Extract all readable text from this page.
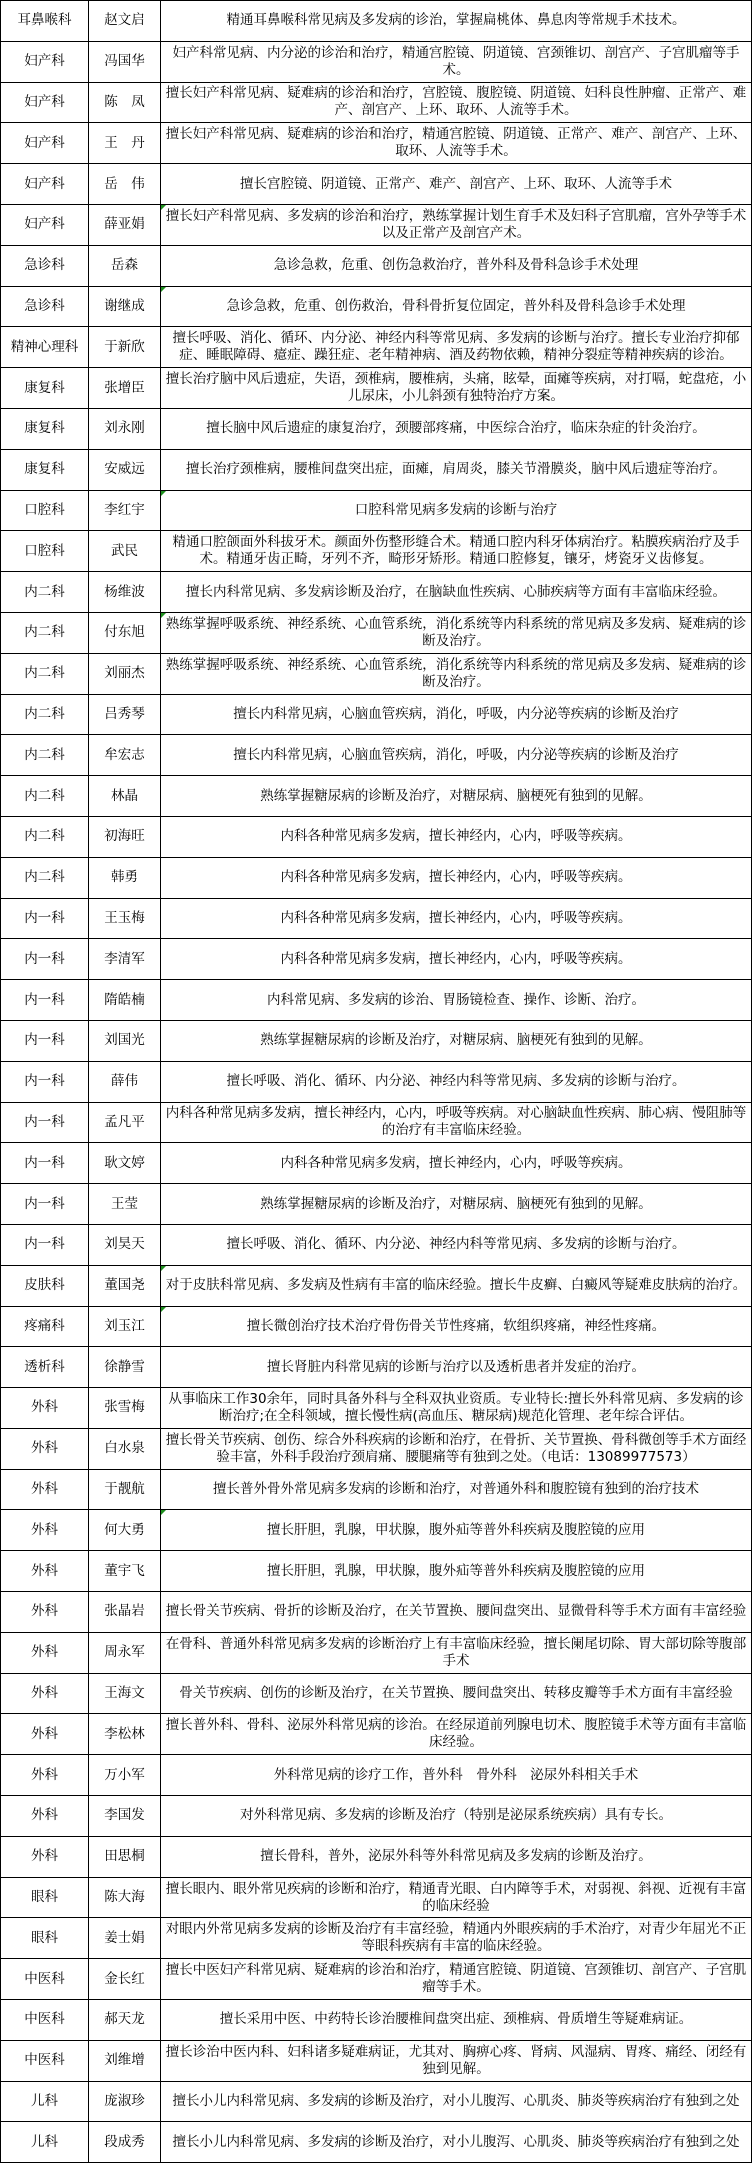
耳鼻喉科	赵文启	精通耳鼻喉科常见病及多发病的诊治，掌握扁桃体、鼻息肉等常规手术技术。

妇产科	冯国华	妇产科常见病、内分泌的诊治和治疗，精通宫腔镜、阴道镜、宫颈锥切、剖宫产、子宫肌瘤等手术。

妇产科	陈　凤	擅长妇产科常见病、疑难病的诊治和治疗，宫腔镜、腹腔镜、阴道镜、妇科良性肿瘤、正常产、难产、剖宫产、上环、取环、人流等手术。

妇产科	王　丹	擅长妇产科常见病、疑难病的诊治和治疗，精通宫腔镜、阴道镜、正常产、难产、剖宫产、上环、取环、人流等手术。

妇产科	岳　伟	擅长宫腔镜、阴道镜、正常产、难产、剖宫产、上环、取环、人流等手术

妇产科	薛亚娟	擅长妇产科常见病、多发病的诊治和治疗，熟练掌握计划生育手术及妇科子宫肌瘤，宫外孕等手术以及正常产及剖宫产术。

急诊科	岳森	急诊急救，危重、创伤急救治疗，普外科及骨科急诊手术处理

急诊科	谢继成	急诊急救，危重、创伤救治，骨科骨折复位固定，普外科及骨科急诊手术处理

精神心理科	于新欣	擅长呼吸、消化、循环、内分泌、神经内科等常见病、多发病的诊断与治疗。擅长专业治疗抑郁症、睡眠障碍、癔症、躁狂症、老年精神病、酒及药物依赖，精神分裂症等精神疾病的诊治。

康复科	张增臣	擅长治疗脑中风后遗症，失语，颈椎病，腰椎病，头痛，眩晕，面瘫等疾病，对打嗝，蛇盘疮，小儿尿床，小儿斜颈有独特治疗方案。

康复科	刘永刚	擅长脑中风后遗症的康复治疗，颈腰部疼痛，中医综合治疗，临床杂症的针灸治疗。

康复科	安威远	擅长治疗颈椎病，腰椎间盘突出症，面瘫，肩周炎，膝关节滑膜炎，脑中风后遗症等治疗。

口腔科	李红宇	口腔科常见病多发病的诊断与治疗

口腔科	武民	精通口腔颌面外科拔牙术。颜面外伤整形缝合术。精通口腔内科牙体病治疗。粘膜疾病治疗及手术。精通牙齿正畸，牙列不齐，畸形牙矫形。精通口腔修复，镶牙，烤瓷牙义齿修复。

内二科	杨维波	擅长内科常见病、多发病诊断及治疗，在脑缺血性疾病、心肺疾病等方面有丰富临床经验。

内二科	付东旭	熟练掌握呼吸系统、神经系统、心血管系统，消化系统等内科系统的常见病及多发病、疑难病的诊断及治疗。

内二科	刘丽杰	熟练掌握呼吸系统、神经系统、心血管系统，消化系统等内科系统的常见病及多发病、疑难病的诊断及治疗。

内二科	吕秀琴	擅长内科常见病，心脑血管疾病，消化，呼吸，内分泌等疾病的诊断及治疗

内二科	牟宏志	擅长内科常见病，心脑血管疾病，消化，呼吸，内分泌等疾病的诊断及治疗

内二科	林晶	熟练掌握糖尿病的诊断及治疗，对糖尿病、脑梗死有独到的见解。

内二科	初海旺	内科各种常见病多发病，擅长神经内，心内，呼吸等疾病。

内二科	韩勇	内科各种常见病多发病，擅长神经内，心内，呼吸等疾病。

内一科	王玉梅	内科各种常见病多发病，擅长神经内，心内，呼吸等疾病。

内一科	李清军	内科各种常见病多发病，擅长神经内，心内，呼吸等疾病。

内一科	隋皓楠	内科常见病、多发病的诊治、胃肠镜检查、操作、诊断、治疗。

内一科	刘国光	熟练掌握糖尿病的诊断及治疗，对糖尿病、脑梗死有独到的见解。

内一科	薛伟	擅长呼吸、消化、循环、内分泌、神经内科等常见病、多发病的诊断与治疗。

内一科	孟凡平	内科各种常见病多发病，擅长神经内，心内，呼吸等疾病。对心脑缺血性疾病、肺心病、慢阻肺等的治疗有丰富临床经验。

内一科	耿文婷	内科各种常见病多发病，擅长神经内，心内，呼吸等疾病。

内一科	王莹	熟练掌握糖尿病的诊断及治疗，对糖尿病、脑梗死有独到的见解。

内一科	刘昊天	擅长呼吸、消化、循环、内分泌、神经内科等常见病、多发病的诊断与治疗。

皮肤科	董国尧	对于皮肤科常见病、多发病及性病有丰富的临床经验。擅长牛皮癣、白癜风等疑难皮肤病的治疗。

疼痛科	刘玉江	擅长微创治疗技术治疗骨伤骨关节性疼痛，软组织疼痛，神经性疼痛。

透析科	徐静雪	擅长肾脏内科常见病的诊断与治疗以及透析患者并发症的治疗。

外科	张雪梅	从事临床工作30余年，同时具备外科与全科双执业资质。专业特长:擅长外科常见病、多发病的诊断治疗;在全科领域，擅长慢性病(高血压、糖尿病)规范化管理、老年综合评估。

外科	白水泉	擅长骨关节疾病、创伤、综合外科疾病的诊断和治疗，在骨折、关节置换、骨科微创等手术方面经验丰富，外科手段治疗颈肩痛、腰腿痛等有独到之处。（电话：13089977573）

外科	于靓航	擅长普外骨外常见病多发病的诊断和治疗，对普通外科和腹腔镜有独到的治疗技术

外科	何大勇	擅长肝胆，乳腺，甲状腺，腹外疝等普外科疾病及腹腔镜的应用

外科	董宇飞	擅长肝胆，乳腺，甲状腺，腹外疝等普外科疾病及腹腔镜的应用

外科	张晶岩	擅长骨关节疾病、骨折的诊断及治疗，在关节置换、腰间盘突出、显微骨科等手术方面有丰富经验

外科	周永军	在骨科、普通外科常见病多发病的诊断治疗上有丰富临床经验，擅长阑尾切除、胃大部切除等腹部手术

外科	王海文	骨关节疾病、创伤的诊断及治疗，在关节置换、腰间盘突出、转移皮瓣等手术方面有丰富经验

外科	李松林	擅长普外科、骨科、泌尿外科常见病的诊治。在经尿道前列腺电切术、腹腔镜手术等方面有丰富临床经验。

外科	万小军	外科常见病的诊疗工作，普外科　骨外科　泌尿外科相关手术

外科	李国发	对外科常见病、多发病的诊断及治疗（特别是泌尿系统疾病）具有专长。

外科	田思桐	擅长骨科，普外，泌尿外科等外科常见病及多发病的诊断及治疗。

眼科	陈大海	擅长眼内、眼外常见疾病的诊断和治疗，精通青光眼、白内障等手术，对弱视、斜视、近视有丰富的临床经验

眼科	姜士娟	对眼内外常见病多发病的诊断及治疗有丰富经验，精通内外眼疾病的手术治疗，对青少年屈光不正等眼科疾病有丰富的临床经验。

中医科	金长红	擅长中医妇产科常见病、疑难病的诊治和治疗，精通宫腔镜、阴道镜、宫颈锥切、剖宫产、子宫肌瘤等手术。

中医科	郝天龙	擅长采用中医、中药特长诊治腰椎间盘突出症、颈椎病、骨质增生等疑难病证。

中医科	刘维增	擅长诊治中医内科、妇科诸多疑难病证，尤其对、胸痹心疼、肾病、风湿病、胃疼、痛经、闭经有独到见解。

儿科	庞淑珍	擅长小儿内科常见病、多发病的诊断及治疗，对小儿腹泻、心肌炎、肺炎等疾病治疗有独到之处

儿科	段成秀	擅长小儿内科常见病、多发病的诊断及治疗，对小儿腹泻、心肌炎、肺炎等疾病治疗有独到之处
